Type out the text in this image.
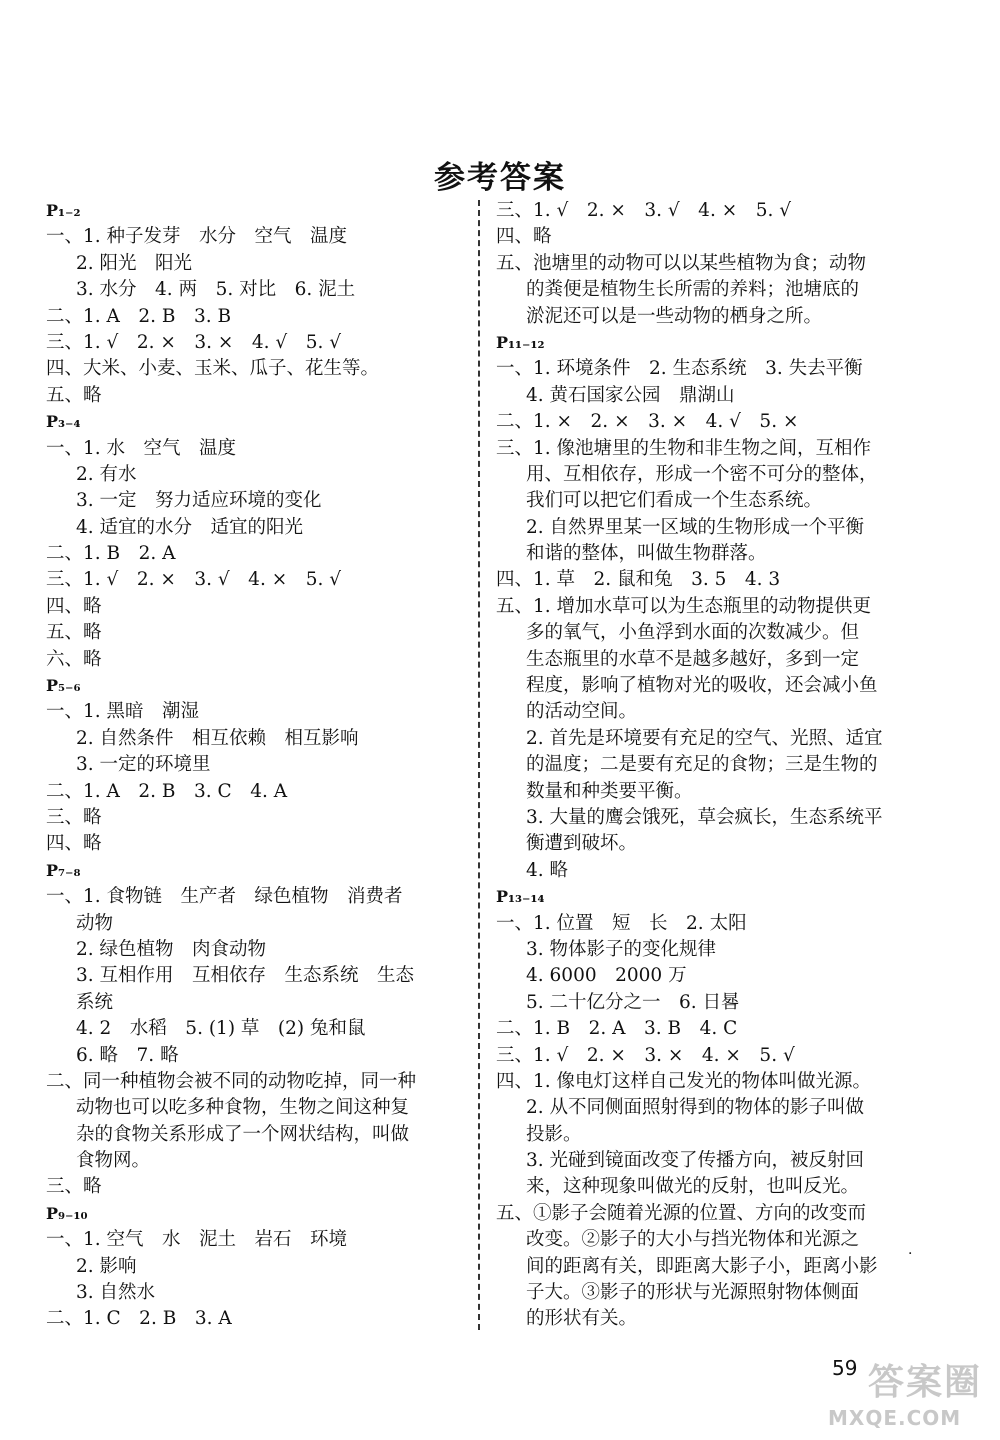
参考答案
P₁₋₂
一、1. 种子发芽　水分　空气　温度
2. 阳光　阳光
3. 水分　4. 两　5. 对比　6. 泥土
二、1. A　2. B　3. B
三、1. √　2. ×　3. ×　4. √　5. √
四、大米、小麦、玉米、瓜子、花生等。
五、略
P₃₋₄
一、1. 水　空气　温度
2. 有水
3. 一定　努力适应环境的变化
4. 适宜的水分　适宜的阳光
二、1. B　2. A
三、1. √　2. ×　3. √　4. ×　5. √
四、略
五、略
六、略
P₅₋₆
一、1. 黑暗　潮湿
2. 自然条件　相互依赖　相互影响
3. 一定的环境里
二、1. A　2. B　3. C　4. A
三、略
四、略
P₇₋₈
一、1. 食物链　生产者　绿色植物　消费者
动物
2. 绿色植物　肉食动物
3. 互相作用　互相依存　生态系统　生态
系统
4. 2　水稻　5. (1) 草　(2) 兔和鼠
6. 略　7. 略
二、同一种植物会被不同的动物吃掉，同一种
动物也可以吃多种食物，生物之间这种复
杂的食物关系形成了一个网状结构，叫做
食物网。
三、略
P₉₋₁₀
一、1. 空气　水　泥土　岩石　环境
2. 影响
3. 自然水
二、1. C　2. B　3. A
三、1. √　2. ×　3. √　4. ×　5. √
四、略
五、池塘里的动物可以以某些植物为食；动物
的粪便是植物生长所需的养料；池塘底的
淤泥还可以是一些动物的栖身之所。
P₁₁₋₁₂
一、1. 环境条件　2. 生态系统　3. 失去平衡
4. 黄石国家公园　鼎湖山
二、1. ×　2. ×　3. ×　4. √　5. ×
三、1. 像池塘里的生物和非生物之间，互相作
用、互相依存，形成一个密不可分的整体，
我们可以把它们看成一个生态系统。
2. 自然界里某一区域的生物形成一个平衡
和谐的整体，叫做生物群落。
四、1. 草　2. 鼠和兔　3. 5　4. 3
五、1. 增加水草可以为生态瓶里的动物提供更
多的氧气，小鱼浮到水面的次数减少。但
生态瓶里的水草不是越多越好，多到一定
程度，影响了植物对光的吸收，还会减小鱼
的活动空间。
2. 首先是环境要有充足的空气、光照、适宜
的温度；二是要有充足的食物；三是生物的
数量和种类要平衡。
3. 大量的鹰会饿死，草会疯长，生态系统平
衡遭到破坏。
4. 略
P₁₃₋₁₄
一、1. 位置　短　长　2. 太阳
3. 物体影子的变化规律
4. 6000　2000 万
5. 二十亿分之一　6. 日晷
二、1. B　2. A　3. B　4. C
三、1. √　2. ×　3. ×　4. ×　5. √
四、1. 像电灯这样自己发光的物体叫做光源。
2. 从不同侧面照射得到的物体的影子叫做
投影。
3. 光碰到镜面改变了传播方向，被反射回
来，这种现象叫做光的反射，也叫反光。
五、①影子会随着光源的位置、方向的改变而
改变。②影子的大小与挡光物体和光源之
间的距离有关，即距离大影子小，距离小影
子大。③影子的形状与光源照射物体侧面
的形状有关。
·
59 答案圈
MXQE.COM
